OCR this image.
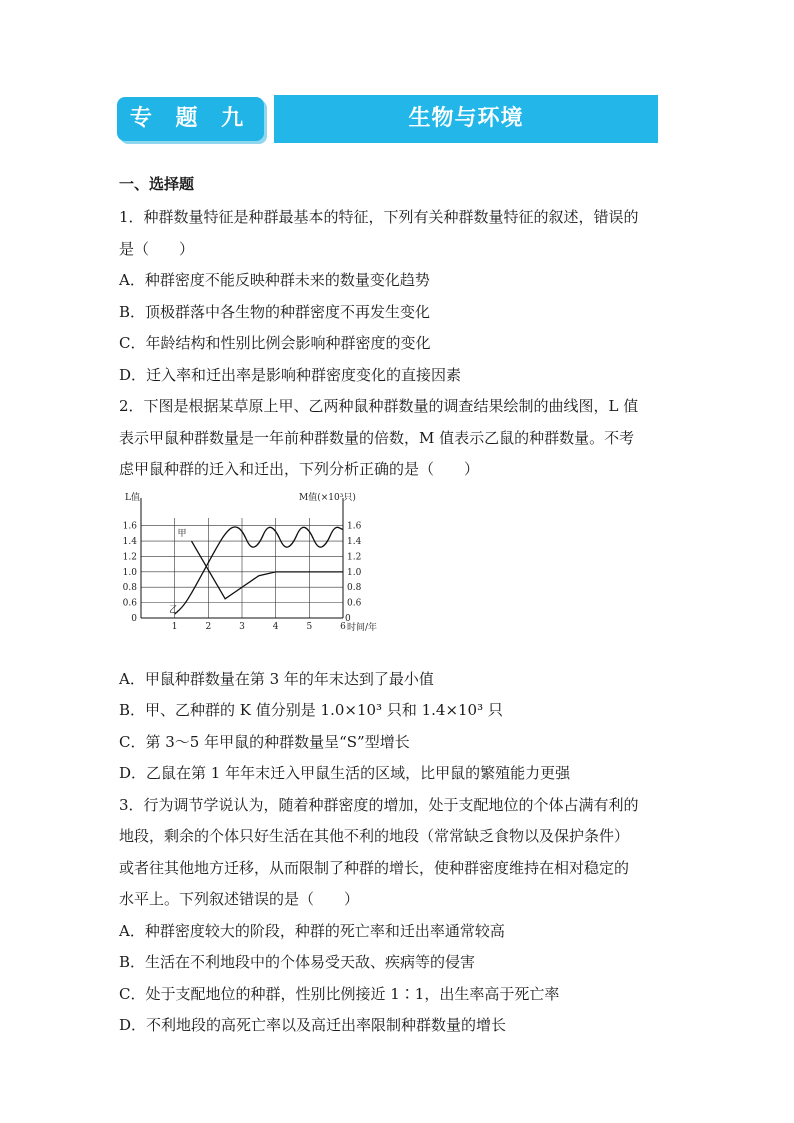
专 题 九	生物与环境
一、选择题
1．种群数量特征是种群最基本的特征，下列有关种群数量特征的叙述，错误的
是（　　）
A．种群密度不能反映种群未来的数量变化趋势
B．顶极群落中各生物的种群密度不再发生变化
C．年龄结构和性别比例会影响种群密度的变化
D．迁入率和迁出率是影响种群密度变化的直接因素
2．下图是根据某草原上甲、乙两种鼠种群数量的调查结果绘制的曲线图，L 值
表示甲鼠种群数量是一年前种群数量的倍数，M 值表示乙鼠的种群数量。不考
虑甲鼠种群的迁入和迁出，下列分析正确的是（　　）
0.6	0.6
0.8	0.8
1.0	1.0
1.2	1.2
1.4	1.4
1.6	1.6
1	2	3	4	5	6
0	0
L值	M值(×10³只)
时间/年
甲
乙
A．甲鼠种群数量在第 3 年的年末达到了最小值
B．甲、乙种群的 K 值分别是 1.0×10³ 只和 1.4×10³ 只
C．第 3～5 年甲鼠的种群数量呈“S”型增长
D．乙鼠在第 1 年年末迁入甲鼠生活的区域，比甲鼠的繁殖能力更强
3．行为调节学说认为，随着种群密度的增加，处于支配地位的个体占满有利的
地段，剩余的个体只好生活在其他不利的地段（常常缺乏食物以及保护条件）
或者往其他地方迁移，从而限制了种群的增长，使种群密度维持在相对稳定的
水平上。下列叙述错误的是（　　）
A．种群密度较大的阶段，种群的死亡率和迁出率通常较高
B．生活在不利地段中的个体易受天敌、疾病等的侵害
C．处于支配地位的种群，性别比例接近 1∶1，出生率高于死亡率
D．不利地段的高死亡率以及高迁出率限制种群数量的增长
